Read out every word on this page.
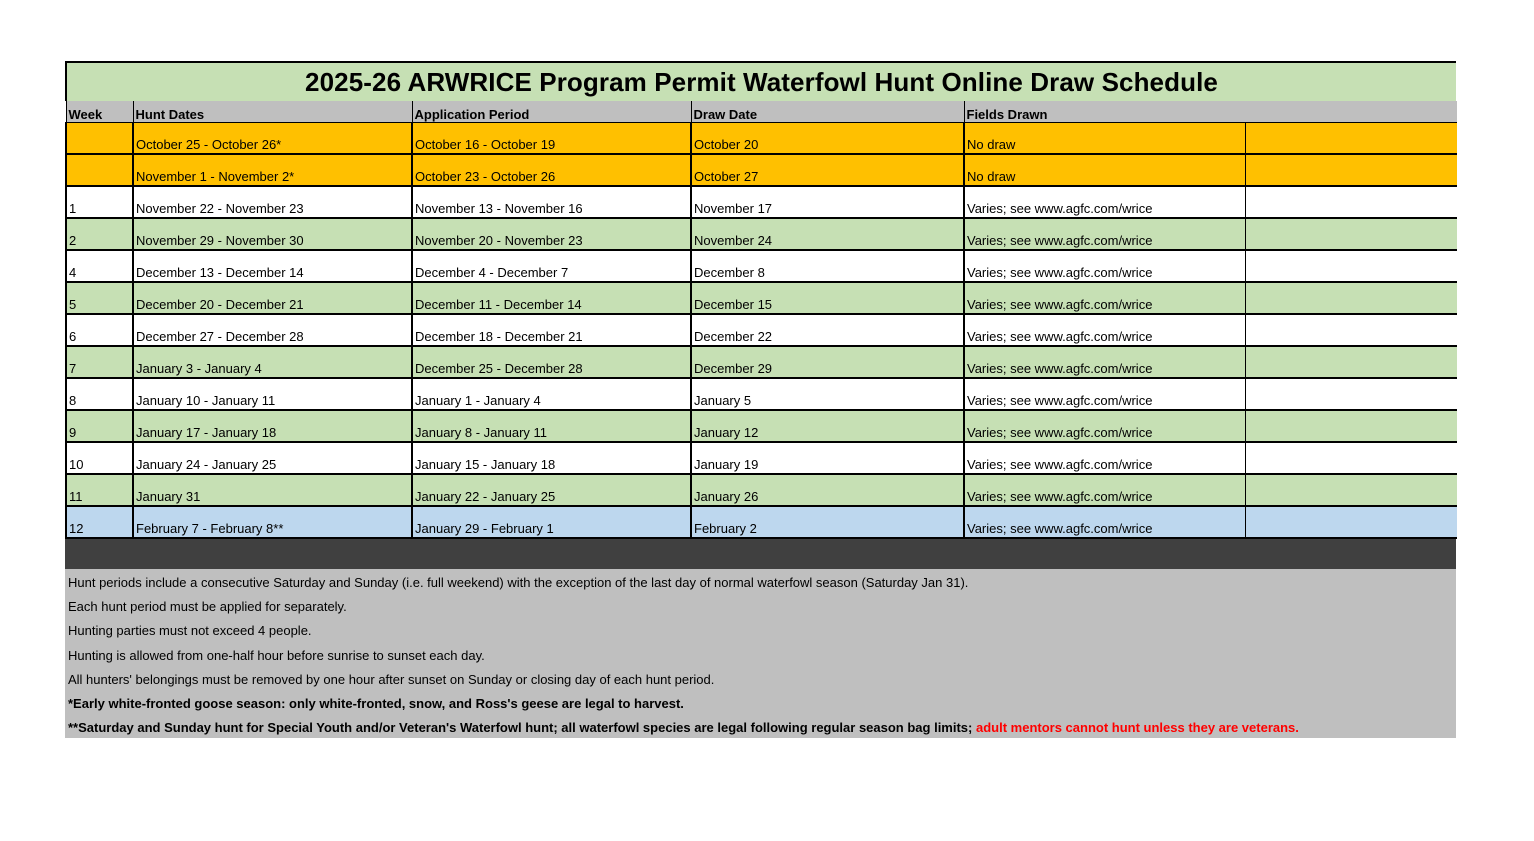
2025-26 ARWRICE Program Permit Waterfowl Hunt Online Draw Schedule
Week	Hunt Dates	Application Period	Draw Date	Fields Drawn	
	October 25 - October 26*	October 16 - October 19	October 20	No draw	
	November 1 - November 2*	October 23 - October 26	October 27	No draw	
1	November 22 - November 23	November 13 - November 16	November 17	Varies; see www.agfc.com/wrice	
2	November 29 - November 30	November 20 - November 23	November 24	Varies; see www.agfc.com/wrice	
4	December 13 - December 14	December 4 - December 7	December 8	Varies; see www.agfc.com/wrice	
5	December 20 - December 21	December 11 - December 14	December 15	Varies; see www.agfc.com/wrice	
6	December 27 - December 28	December 18 - December 21	December 22	Varies; see www.agfc.com/wrice	
7	January 3 - January 4	December 25 - December 28	December 29	Varies; see www.agfc.com/wrice	
8	January 10 - January 11	January 1 - January 4	January 5	Varies; see www.agfc.com/wrice	
9	January 17 - January 18	January 8 - January 11	January 12	Varies; see www.agfc.com/wrice	
10	January 24 - January 25	January 15 - January 18	January 19	Varies; see www.agfc.com/wrice	
11	January 31	January 22 - January 25	January 26	Varies; see www.agfc.com/wrice	
12	February 7 - February 8**	January 29 - February 1	February 2	Varies; see www.agfc.com/wrice	
Hunt periods include a consecutive Saturday and Sunday (i.e. full weekend) with the exception of the last day of normal waterfowl season (Saturday Jan 31).
Each hunt period must be applied for separately.
Hunting parties must not exceed 4 people.
Hunting is allowed from one-half hour before sunrise to sunset each day.
All hunters' belongings must be removed by one hour after sunset on Sunday or closing day of each hunt period.
*Early white-fronted goose season: only white-fronted, snow, and Ross's geese are legal to harvest.
**Saturday and Sunday hunt for Special Youth and/or Veteran's Waterfowl hunt; all waterfowl species are legal following regular season bag limits; adult mentors cannot hunt unless they are veterans.
